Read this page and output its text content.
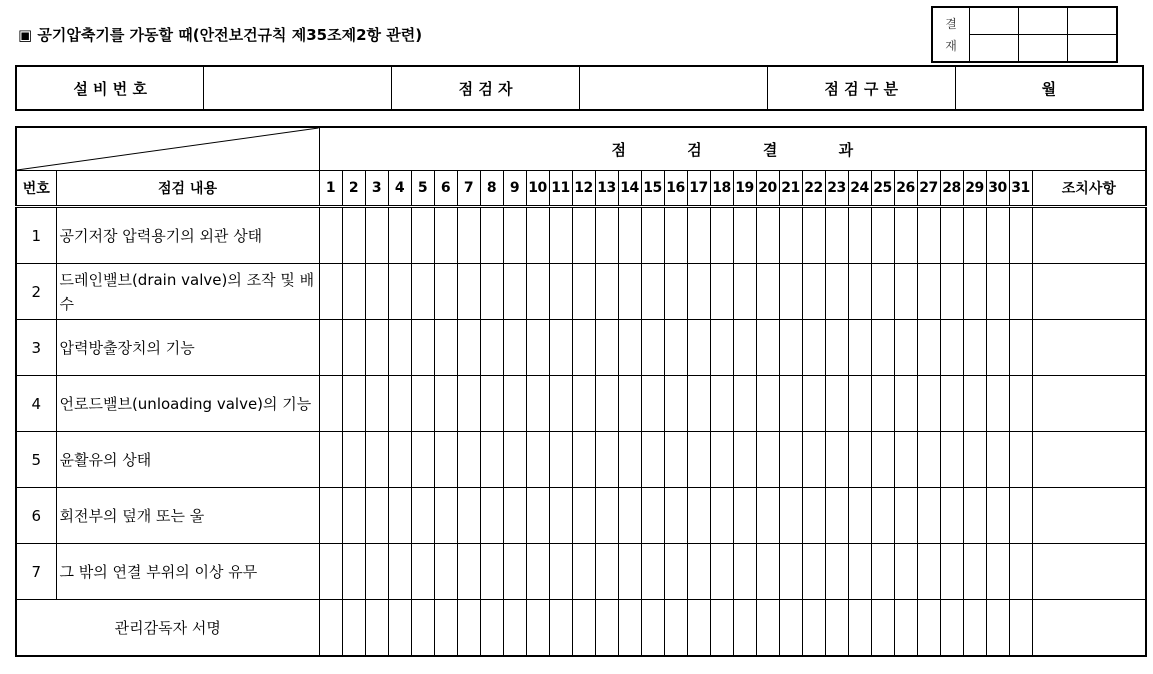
▣ 공기압축기를 가동할 때(안전보건규칙 제35조제2항 관련)
결
재			

설 비 번 호		점 검 자		점 검 구 분	월
	점 검 결 과																															
번호	점검 내용	1	2	3	4	5	6	7	8	9	10	11	12	13	14	15	16	17	18	19	20	21	22	23	24	25	26	27	28	29	30	31	조치사항
1	공기저장 압력용기의 외관 상태																																
2	드레인밸브(drain valve)의 조작 및 배수																																
3	압력방출장치의 기능																																
4	언로드밸브(unloading valve)의 기능																																
5	윤활유의 상태																																
6	회전부의 덮개 또는 울																																
7	그 밖의 연결 부위의 이상 유무																																
관리감독자 서명																																	
